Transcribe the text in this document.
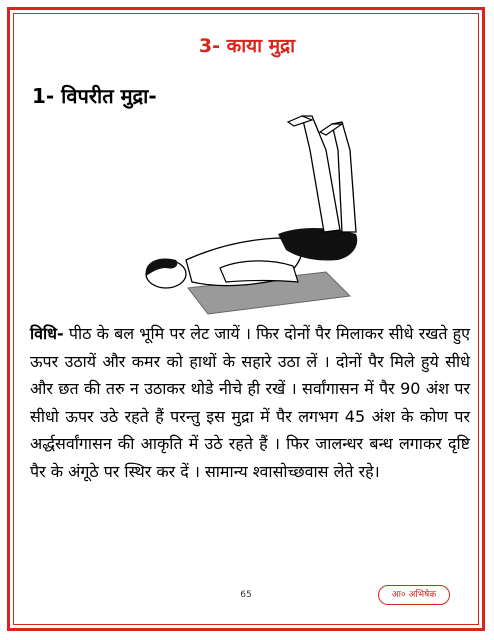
3- काया मुद्रा
1- विपरीत मुद्रा-
विधि- पीठ के बल भूमि पर लेट जायें । फिर दोनों पैर मिलाकर सीधे रखते हुए ऊपर उठायें और कमर को हाथों के सहारे उठा लें । दोनों पैर मिले हुये सीधे और छत की तरु न उठाकर थोडे नीचे ही रखें । सर्वांगासन में पैर 90 अंश पर सीधो ऊपर उठे रहते हैं परन्तु इस मुद्रा में पैर लगभग 45 अंश के कोण पर अर्द्धसर्वांगासन की आकृति में उठे रहते हैं । फिर जालन्धर बन्ध लगाकर दृष्टि पैर के अंगूठे पर स्थिर कर दें । सामान्य श्वासोच्छवास लेते रहे।
65	आ० अभिषेक
